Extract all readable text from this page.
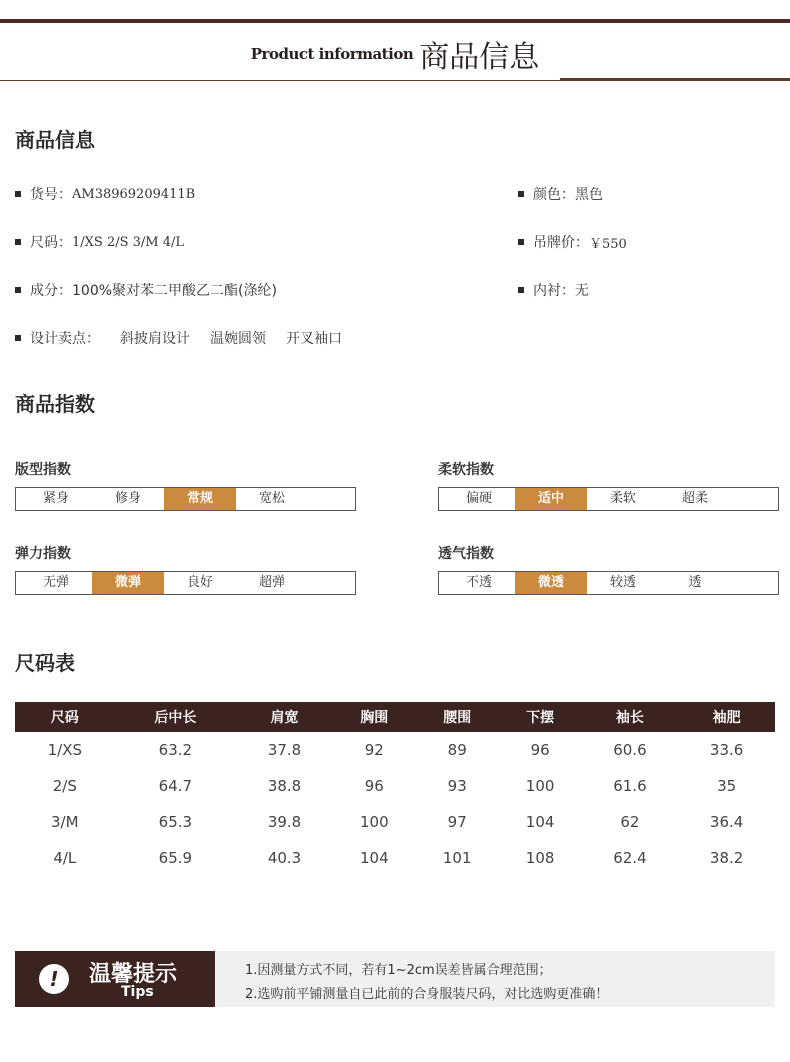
Product information 商品信息
商品信息
货号： AM38969209411B	颜色： 黑色
尺码： 1/XS 2/S 3/M 4/L	吊牌价： ￥550
成分： 100%聚对苯二甲酸乙二酯(涤纶)	内衬： 无
设计卖点： 斜披肩设计 温婉圆领 开叉袖口
商品指数
版型指数
紧身	修身	常规	宽松
柔软指数
偏硬	适中	柔软	超柔
弹力指数
无弹	微弹	良好	超弹
透气指数
不透	微透	较透	透
尺码表
尺码	后中长	肩宽	胸围	腰围	下摆	袖长	袖肥
1/XS	63.2	37.8	92	89	96	60.6	33.6
2/S	64.7	38.8	96	93	100	61.6	35
3/M	65.3	39.8	100	97	104	62	36.4
4/L	65.9	40.3	104	101	108	62.4	38.2
!	温馨提示
Tips
1.因测量方式不同，若有1~2cm误差皆属合理范围；
2.选购前平铺测量自已此前的合身服装尺码，对比选购更准确！
